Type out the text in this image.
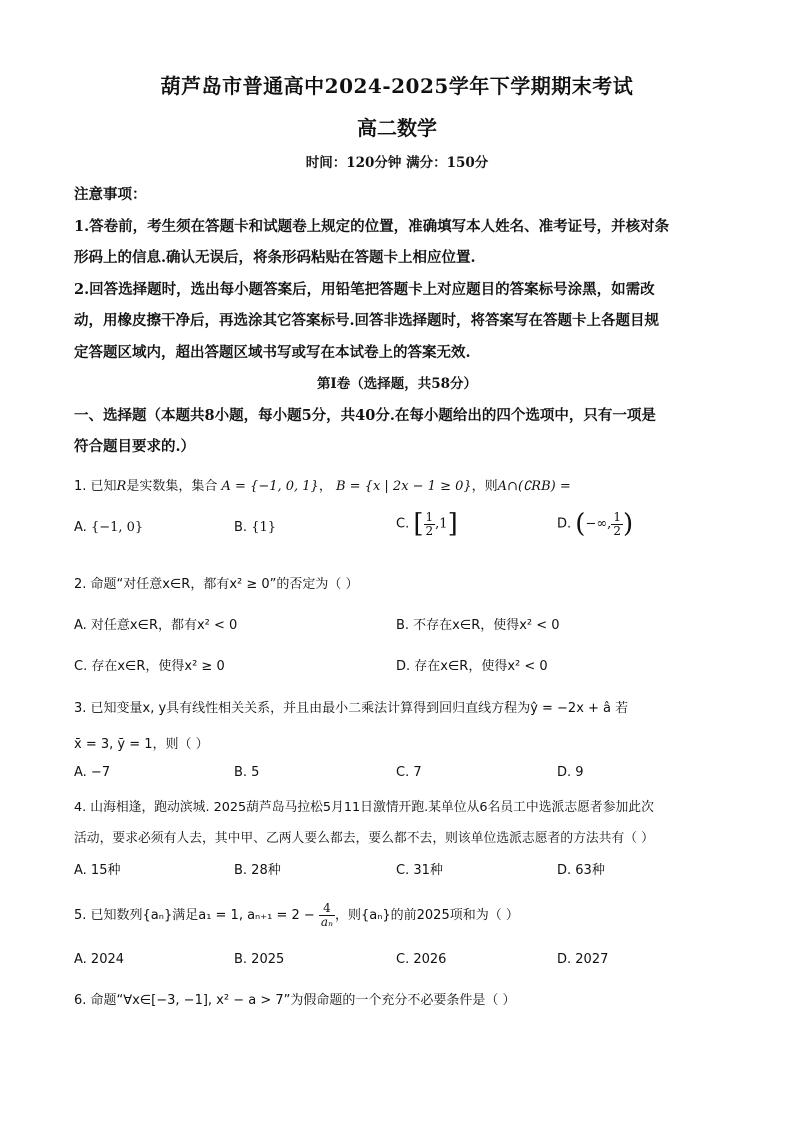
葫芦岛市普通高中2024-2025学年下学期期末考试
高二数学
时间：120分钟 满分：150分
注意事项：
1.答卷前，考生须在答题卡和试题卷上规定的位置，准确填写本人姓名、准考证号，并核对条
形码上的信息.确认无误后，将条形码粘贴在答题卡上相应位置.
2.回答选择题时，选出每小题答案后，用铅笔把答题卡上对应题目的答案标号涂黑，如需改
动，用橡皮擦干净后，再选涂其它答案标号.回答非选择题时，将答案写在答题卡上各题目规
定答题区域内，超出答题区域书写或写在本试卷上的答案无效.
第Ⅰ卷（选择题，共58分）
一、选择题（本题共8小题，每小题5分，共40分.在每小题给出的四个选项中，只有一项是
符合题目要求的.）
1. 已知R是实数集，集合 A = {−1, 0, 1}， B = {x | 2x − 1 ≥ 0}，则A∩(∁RB) =
A. {−1, 0}	B. {1}	C. [ $\frac{1}{2} ,1$]	D. (−∞, $\frac{1}{2}$ )
2. 命题“对任意x∈R，都有x² ≥ 0”的否定为（ ）
A. 对任意x∈R，都有x² < 0	B. 不存在x∈R，使得x² < 0
C. 存在x∈R，使得x² ≥ 0	D. 存在x∈R，使得x² < 0
3. 已知变量x, y具有线性相关关系，并且由最小二乘法计算得到回归直线方程为ŷ = −2x + â 若
x̄ = 3, ȳ = 1，则（ ）
A. −7	B. 5	C. 7	D. 9
4. 山海相逢，跑动滨城. 2025葫芦岛马拉松5月11日激情开跑.某单位从6名员工中选派志愿者参加此次
活动，要求必须有人去，其中甲、乙两人要么都去，要么都不去，则该单位选派志愿者的方法共有（ ）
A. 15种	B. 28种	C. 31种	D. 63种
5. 已知数列{aₙ}满足a₁ = 1, $a_{n+1} = 2 - \frac{4}{\text{aₙ}}$ ，则{aₙ}的前2025项和为（ ）
A. 2024	B. 2025	C. 2026	D. 2027
6. 命题“∀x∈[−3, −1], x² − a > 7”为假命题的一个充分不必要条件是（ ）
